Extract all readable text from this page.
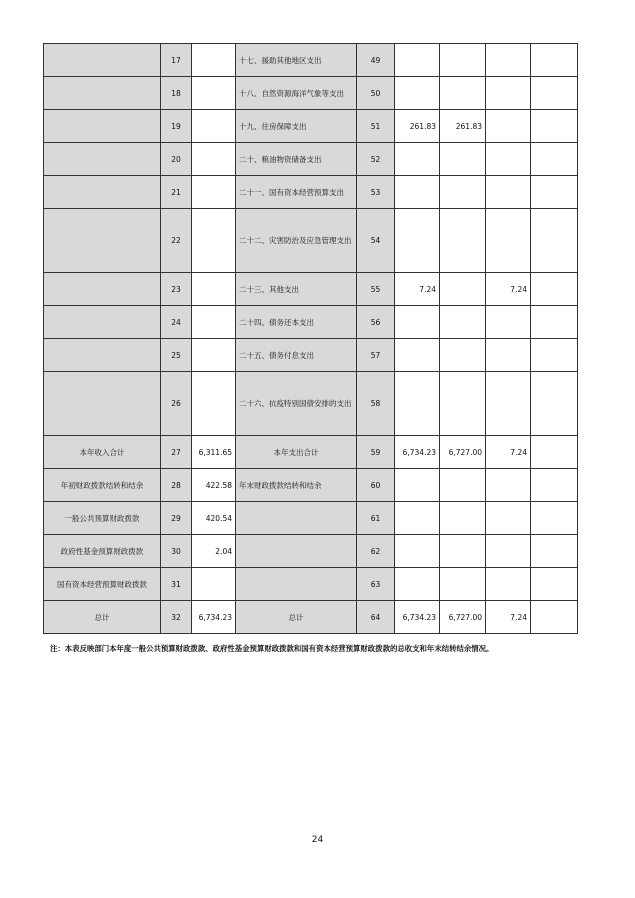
	17		十七、援助其他地区支出	49				
	18		十八、自然资源海洋气象等支出	50				
	19		十九、住房保障支出	51	261.83	261.83		
	20		二十、粮油物资储备支出	52				
	21		二十一、国有资本经营预算支出	53				
	22		二十二、灾害防治及应急管理支出	54				
	23		二十三、其他支出	55	7.24		7.24	
	24		二十四、债务还本支出	56				
	25		二十五、债务付息支出	57				
	26		二十六、抗疫特别国债安排的支出	58				
本年收入合计	27	6,311.65	本年支出合计	59	6,734.23	6,727.00	7.24	
年初财政拨款结转和结余	28	422.58	年末财政拨款结转和结余	60				
一般公共预算财政拨款	29	420.54		61				
政府性基金预算财政拨款	30	2.04		62				
国有资本经营预算财政拨款	31			63				
总计	32	6,734.23	总计	64	6,734.23	6,727.00	7.24	
注：本表反映部门本年度一般公共预算财政拨款、政府性基金预算财政拨款和国有资本经营预算财政拨款的总收支和年末结转结余情况。
24
